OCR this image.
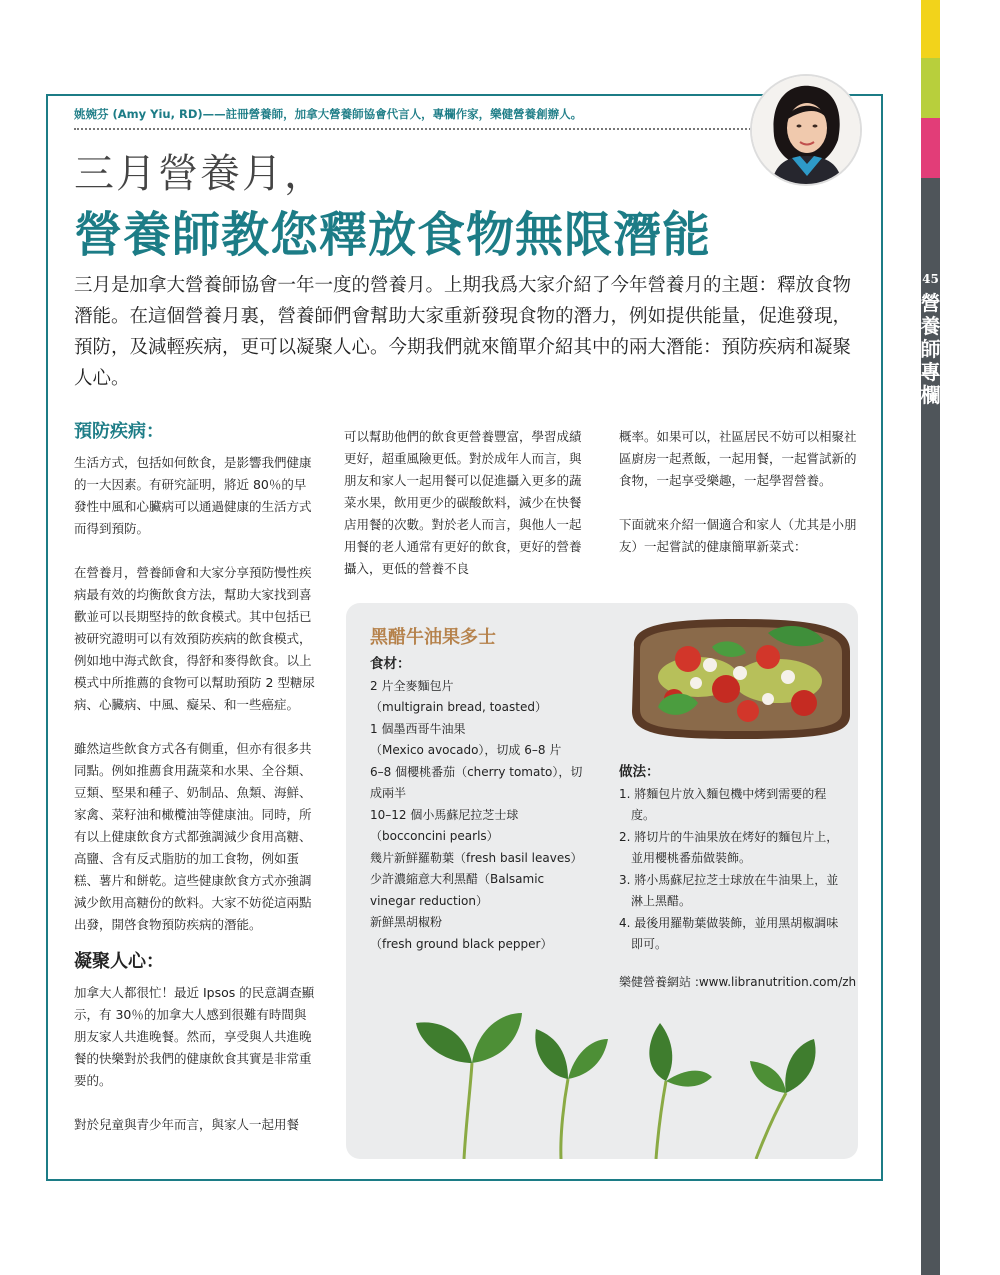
45
營養師專欄
姚婉芬 (Amy Yiu, RD)——註冊營養師，加拿大營養師協會代言人，專欄作家，樂健營養創辦人。
三月營養月，
營養師教您釋放食物無限潛能
三月是加拿大營養師協會一年一度的營養月。上期我爲大家介紹了今年營養月的主題：釋放食物潛能。在這個營養月裏，營養師們會幫助大家重新發現食物的潛力，例如提供能量，促進發現，預防，及減輕疾病，更可以凝聚人心。今期我們就來簡單介紹其中的兩大潛能：預防疾病和凝聚人心。
預防疾病：

生活方式，包括如何飲食，是影響我們健康的一大因素。有研究証明，將近 80％的早發性中風和心臟病可以通過健康的生活方式而得到預防。

在營養月，營養師會和大家分享預防慢性疾病最有效的均衡飲食方法，幫助大家找到喜歡並可以長期堅持的飲食模式。其中包括已被研究證明可以有效預防疾病的飲食模式，例如地中海式飲食，得舒和麥得飲食。以上模式中所推薦的食物可以幫助預防 2 型糖尿病、心臟病、中風、癡呆、和一些癌症。

雖然這些飲食方式各有側重，但亦有很多共同點。例如推薦食用蔬菜和水果、全谷類、豆類、堅果和種子、奶制品、魚類、海鮮、家禽、菜籽油和橄欖油等健康油。同時，所有以上健康飲食方式都強調減少食用高糖、高鹽、含有反式脂肪的加工食物，例如蛋糕、薯片和餅乾。這些健康飲食方式亦強調減少飲用高糖份的飲料。大家不妨從這兩點出發，開啓食物預防疾病的潛能。

凝聚人心：

加拿大人都很忙！最近 Ipsos 的民意調查顯示，有 30％的加拿大人感到很難有時間與朋友家人共進晚餐。然而，享受與人共進晚餐的快樂對於我們的健康飲食其實是非常重要的。

對於兒童與青少年而言，與家人一起用餐

可以幫助他們的飲食更營養豐富，學習成績更好，超重風險更低。對於成年人而言，與朋友和家人一起用餐可以促進攝入更多的蔬菜水果，飲用更少的碳酸飲料，減少在快餐店用餐的次數。對於老人而言，與他人一起用餐的老人通常有更好的飲食，更好的營養攝入，更低的營養不良

概率。如果可以，社區居民不妨可以相聚社區廚房一起煮飯，一起用餐，一起嘗試新的食物，一起享受樂趣，一起學習營養。

下面就來介紹一個適合和家人（尤其是小朋友）一起嘗試的健康簡單新菜式：

黑醋牛油果多士
食材：
2 片全麥麵包片
（multigrain bread, toasted）
1 個墨西哥牛油果
（Mexico avocado），切成 6–8 片
6–8 個櫻桃番茄（cherry tomato），切成兩半
10–12 個小馬蘇尼拉芝士球（bocconcini pearls）
幾片新鮮羅勒葉（fresh basil leaves）
少許濃縮意大利黑醋（Balsamic vinegar reduction）
新鮮黑胡椒粉
（fresh ground black pepper）
做法：
1. 將麵包片放入麵包機中烤到需要的程度。
2. 將切片的牛油果放在烤好的麵包片上，並用櫻桃番茄做裝飾。
3. 將小馬蘇尼拉芝士球放在牛油果上，並淋上黑醋。
4. 最後用羅勒葉做裝飾，並用黑胡椒調味即可。
樂健營養網站 :www.libranutrition.com/zh
